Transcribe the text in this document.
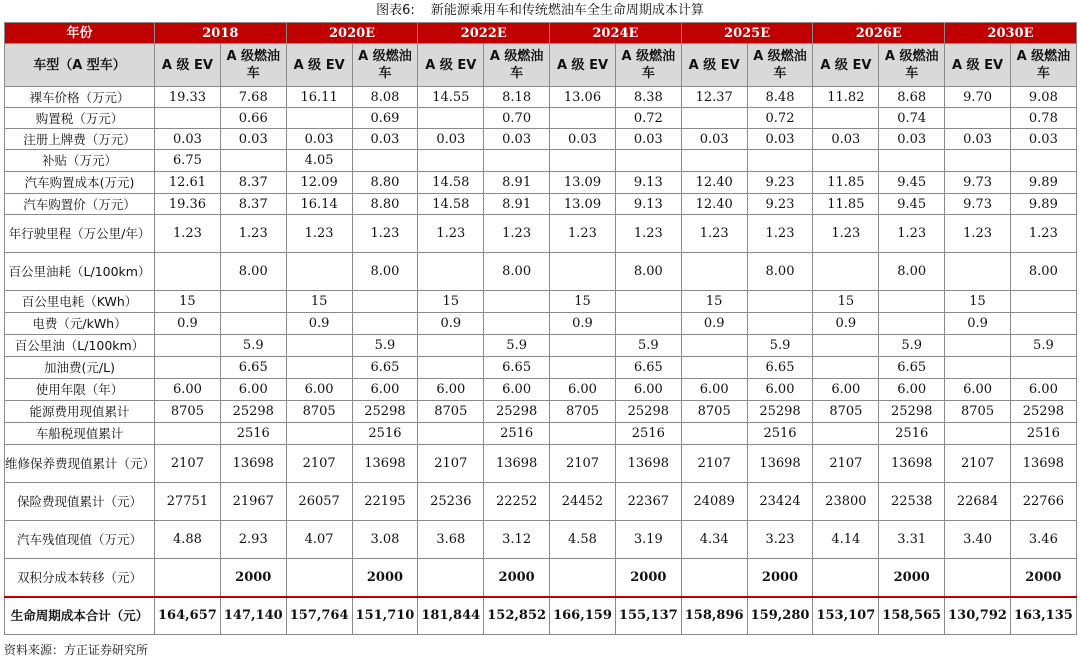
图表6: 新能源乘用车和传统燃油车全生命周期成本计算
年份	2018		2020E		2022E		2024E		2025E		2026E		2030E	
车型（A 型车）	A 级 EV	A 级燃油车	A 级 EV	A 级燃油车	A 级 EV	A 级燃油车	A 级 EV	A 级燃油车	A 级 EV	A 级燃油车	A 级 EV	A 级燃油车	A 级 EV	A 级燃油车
裸车价格（万元）	19.33	7.68	16.11	8.08	14.55	8.18	13.06	8.38	12.37	8.48	11.82	8.68	9.70	9.08
购置税（万元）		0.66		0.69		0.70		0.72		0.72		0.74		0.78
注册上牌费（万元）	0.03	0.03	0.03	0.03	0.03	0.03	0.03	0.03	0.03	0.03	0.03	0.03	0.03	0.03
补贴（万元）	6.75		4.05											
汽车购置成本(万元)	12.61	8.37	12.09	8.80	14.58	8.91	13.09	9.13	12.40	9.23	11.85	9.45	9.73	9.89
汽车购置价（万元）	19.36	8.37	16.14	8.80	14.58	8.91	13.09	9.13	12.40	9.23	11.85	9.45	9.73	9.89
年行驶里程（万公里/年）	1.23	1.23	1.23	1.23	1.23	1.23	1.23	1.23	1.23	1.23	1.23	1.23	1.23	1.23
百公里油耗（L/100km）		8.00		8.00		8.00		8.00		8.00		8.00		8.00
百公里电耗（KWh）	15		15		15		15		15		15		15	
电费（元/kWh）	0.9		0.9		0.9		0.9		0.9		0.9		0.9	
百公里油（L/100km）		5.9		5.9		5.9		5.9		5.9		5.9		5.9
加油费(元/L)		6.65		6.65		6.65		6.65		6.65		6.65		
使用年限（年）	6.00	6.00	6.00	6.00	6.00	6.00	6.00	6.00	6.00	6.00	6.00	6.00	6.00	6.00
能源费用现值累计	8705	25298	8705	25298	8705	25298	8705	25298	8705	25298	8705	25298	8705	25298
车船税现值累计		2516		2516		2516		2516		2516		2516		2516
维修保养费现值累计（元）	2107	13698	2107	13698	2107	13698	2107	13698	2107	13698	2107	13698	2107	13698
保险费现值累计（元）	27751	21967	26057	22195	25236	22252	24452	22367	24089	23424	23800	22538	22684	22766
汽车残值现值（万元）	4.88	2.93	4.07	3.08	3.68	3.12	4.58	3.19	4.34	3.23	4.14	3.31	3.40	3.46
双积分成本转移（元）		2000		2000		2000		2000		2000		2000		2000
生命周期成本合计（元）	164,657	147,140	157,764	151,710	181,844	152,852	166,159	155,137	158,896	159,280	153,107	158,565	130,792	163,135
资料来源：方正证券研究所
